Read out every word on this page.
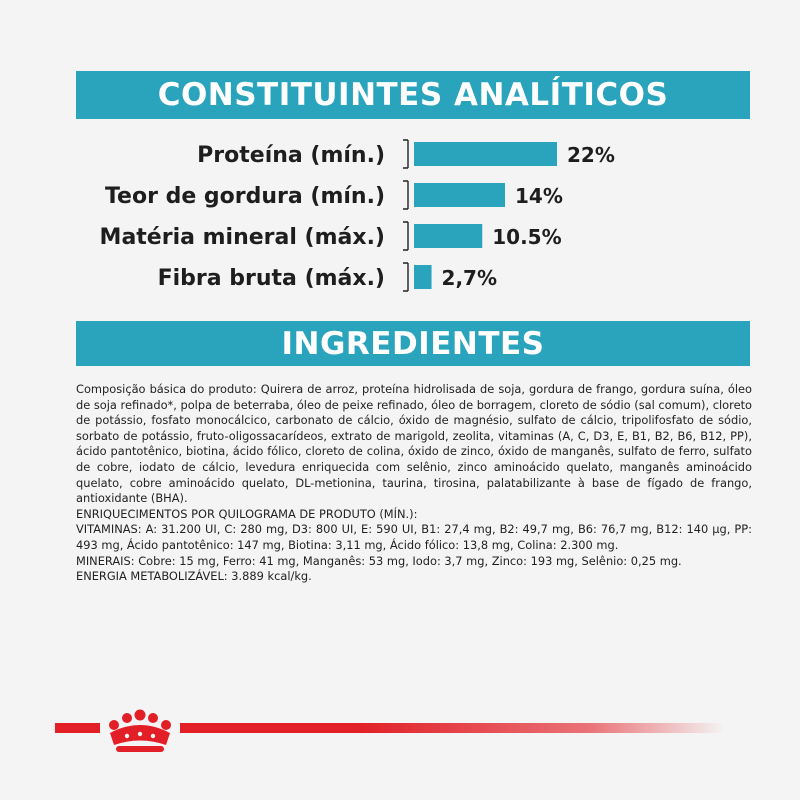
CONSTITUINTES ANALÍTICOS
Proteína (mín.)	22%
Teor de gordura (mín.)	14%
Matéria mineral (máx.)	10.5%
Fibra bruta (máx.)	2,7%
INGREDIENTES

Composição básica do produto: Quirera de arroz, proteína hidrolisada de soja, gordura de frango, gordura suína, óleo de soja refinado*, polpa de beterraba, óleo de peixe refinado, óleo de borragem, cloreto de sódio (sal comum), cloreto de potássio, fosfato monocálcico, carbonato de cálcio, óxido de magnésio, sulfato de cálcio, tripolifosfato de sódio, sorbato de potássio, fruto-oligossacarídeos, extrato de marigold, zeolita, vitaminas (A, C, D3, E, B1, B2, B6, B12, PP), ácido pantotênico, biotina, ácido fólico, cloreto de colina, óxido de zinco, óxido de manganês, sulfato de ferro, sulfato de cobre, iodato de cálcio, levedura enriquecida com selênio, zinco aminoácido quelato, manganês aminoácido quelato, cobre aminoácido quelato, DL-metionina, taurina, tirosina, palatabilizante à base de fígado de frango, antioxidante (BHA).

ENRIQUECIMENTOS POR QUILOGRAMA DE PRODUTO (MÍN.):

VITAMINAS: A: 31.200 UI, C: 280 mg, D3: 800 UI, E: 590 UI, B1: 27,4 mg, B2: 49,7 mg, B6: 76,7 mg, B12: 140 µg, PP: 493 mg, Ácido pantotênico: 147 mg, Biotina: 3,11 mg, Ácido fólico: 13,8 mg, Colina: 2.300 mg.

MINERAIS: Cobre: 15 mg, Ferro: 41 mg, Manganês: 53 mg, Iodo: 3,7 mg, Zinco: 193 mg, Selênio: 0,25 mg.

ENERGIA METABOLIZÁVEL: 3.889 kcal/kg.
